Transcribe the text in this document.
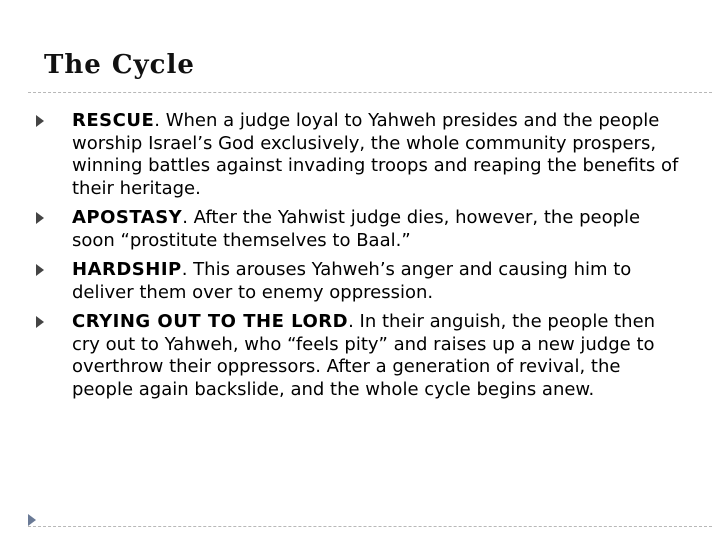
The Cycle
RESCUE. When a judge loyal to Yahweh presides and the people worship Israel’s God exclusively, the whole community prospers, winning battles against invading troops and reaping the benefits of their heritage.
APOSTASY. After the Yahwist judge dies, however, the people soon “prostitute themselves to Baal.”
HARDSHIP. This arouses Yahweh’s anger and causing him to deliver them over to enemy oppression.
CRYING OUT TO THE LORD. In their anguish, the people then cry out to Yahweh, who “feels pity” and raises up a new judge to overthrow their oppressors. After a generation of revival, the people again backslide, and the whole cycle begins anew.
